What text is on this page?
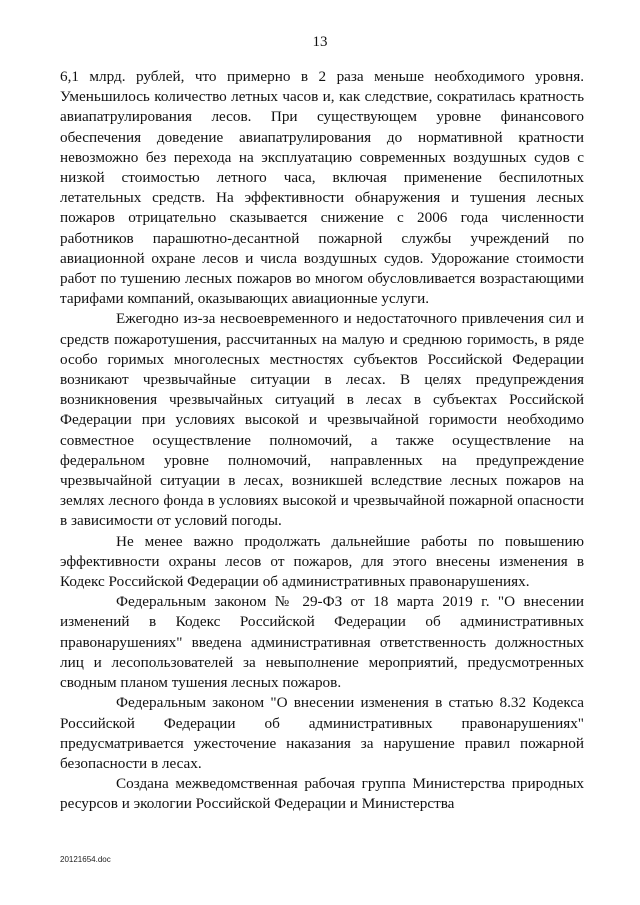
13

6,1 млрд. рублей, что примерно в 2 раза меньше необходимого уровня. Уменьшилось количество летных часов и, как следствие, сократилась кратность авиапатрулирования лесов. При существующем уровне финансового обеспечения доведение авиапатрулирования до нормативной кратности невозможно без перехода на эксплуатацию современных воздушных судов с низкой стоимостью летного часа, включая применение беспилотных летательных средств. На эффективности обнаружения и тушения лесных пожаров отрицательно сказывается снижение с 2006 года численности работников парашютно-десантной пожарной службы учреждений по авиационной охране лесов и числа воздушных судов. Удорожание стоимости работ по тушению лесных пожаров во многом обусловливается возрастающими тарифами компаний, оказывающих авиационные услуги.

Ежегодно из-за несвоевременного и недостаточного привлечения сил и средств пожаротушения, рассчитанных на малую и среднюю горимость, в ряде особо горимых многолесных местностях субъектов Российской Федерации возникают чрезвычайные ситуации в лесах. В целях предупреждения возникновения чрезвычайных ситуаций в лесах в субъектах Российской Федерации при условиях высокой и чрезвычайной горимости необходимо совместное осуществление полномочий, а также осуществление на федеральном уровне полномочий, направленных на предупреждение чрезвычайной ситуации в лесах, возникшей вследствие лесных пожаров на землях лесного фонда в условиях высокой и чрезвычайной пожарной опасности в зависимости от условий погоды.

Не менее важно продолжать дальнейшие работы по повышению эффективности охраны лесов от пожаров, для этого внесены изменения в Кодекс Российской Федерации об административных правонарушениях.

Федеральным законом № 29-ФЗ от 18 марта 2019 г. "О внесении изменений в Кодекс Российской Федерации об административных правонарушениях" введена административная ответственность должностных лиц и лесопользователей за невыполнение мероприятий, предусмотренных сводным планом тушения лесных пожаров.

Федеральным законом "О внесении изменения в статью 8.32 Кодекса Российской Федерации об административных правонарушениях" предусматривается ужесточение наказания за нарушение правил пожарной безопасности в лесах.

Создана межведомственная рабочая группа Министерства природных ресурсов и экологии Российской Федерации и Министерства

20121654.doc
